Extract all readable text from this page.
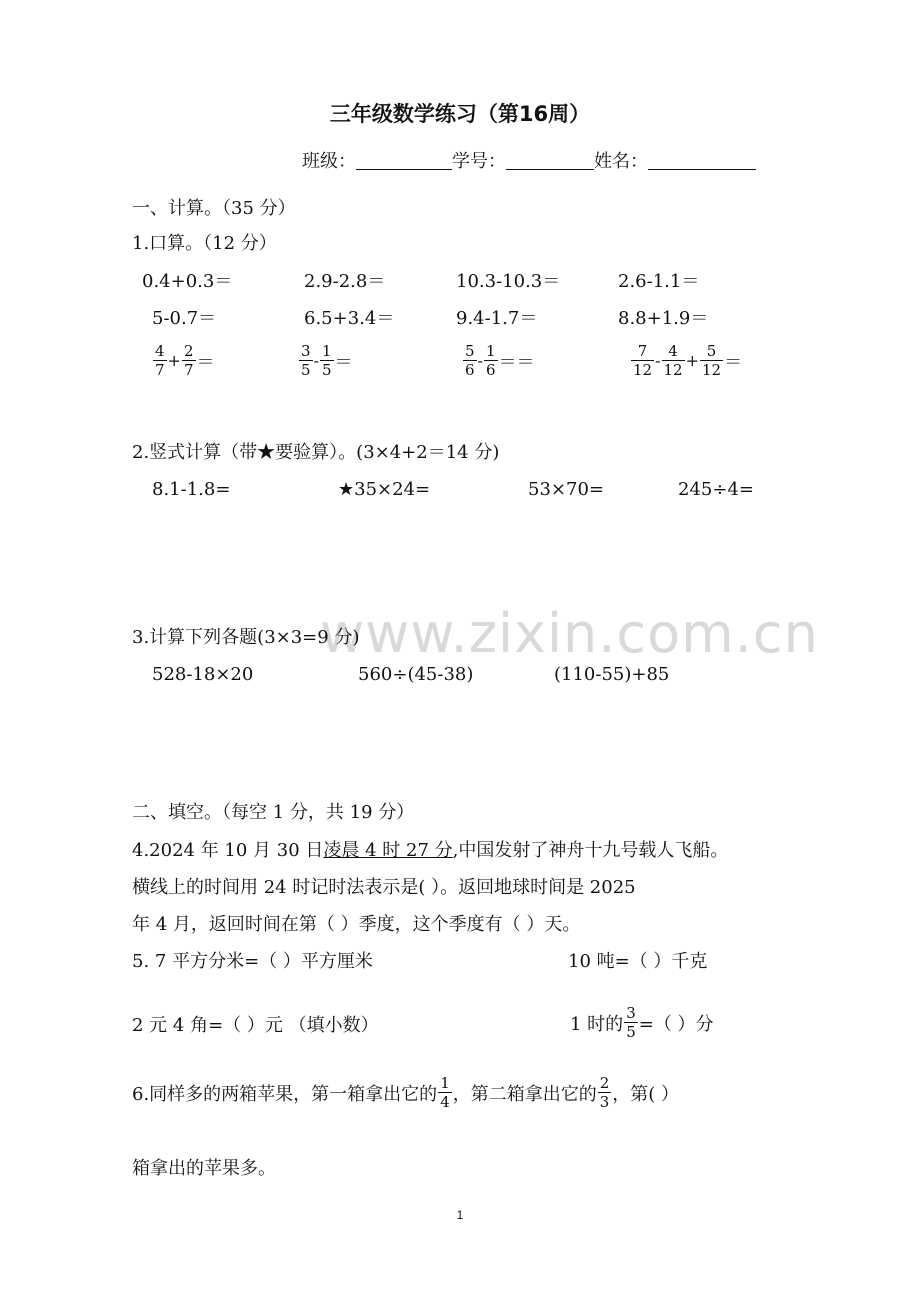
三年级数学练习（第16周）
班级：	学号：	姓名：
一、计算。（35 分）
1.口算。（12 分）
0.4+0.3＝	2.9-2.8＝	10.3-10.3＝	2.6-1.1＝
5-0.7＝	6.5+3.4＝	9.4-1.7＝	8.8+1.9＝
$\frac{4}{7} + \frac{2}{7}$ ＝	$\frac{3}{5} - \frac{1}{5}$ ＝	$\frac{5}{6} - \frac{1}{6}$ ＝＝	$\frac{7}{12} - \frac{4}{12} + \frac{5}{12}$ ＝
2.竖式计算（带★要验算）。(3×4+2＝14 分)
8.1-1.8=	★35×24=	53×70=	245÷4=
www.zixin.com.cn
3.计算下列各题(3×3=9 分)
528-18×20	560÷(45-38)	(110-55)+85
二、填空。（每空 1 分，共 19 分）
4.2024 年 10 月 30 日凌晨 4 时 27 分,中国发射了神舟十九号载人飞船。
横线上的时间用 24 时记时法表示是( ）。返回地球时间是 2025
年 4 月，返回时间在第（ ）季度，这个季度有（ ）天。
5. 7 平方分米=（ ）平方厘米	10 吨=（ ）千克
2 元 4 角=（ ）元 （填小数）	1 时的 $\frac{3}{5}$ =（ ）分
6.同样多的两箱苹果，第一箱拿出它的 $\frac{1}{4}$ ，第二箱拿出它的 $\frac{2}{3}$ ，第( ）
箱拿出的苹果多。
1
